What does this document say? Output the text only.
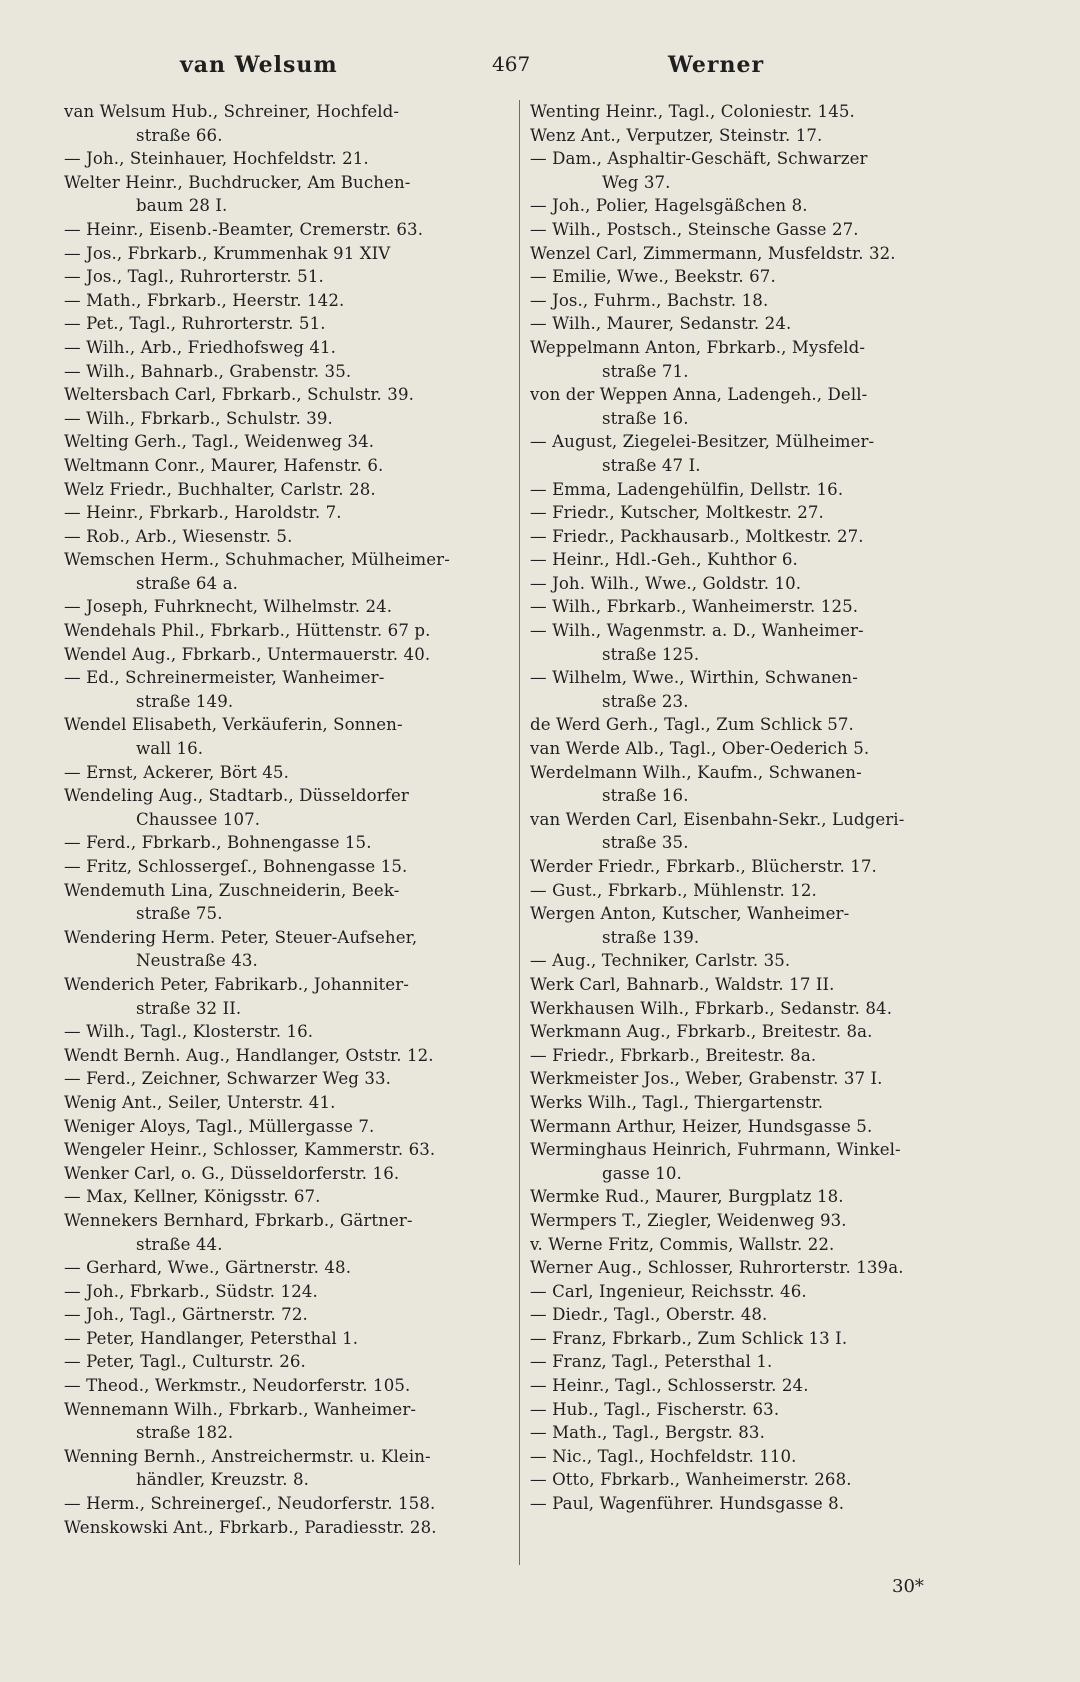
van Welsum	467	Werner
van Welsum Hub., Schreiner, Hochfeld-
straße 66.
— Joh., Steinhauer, Hochfeldstr. 21.
Welter Heinr., Buchdrucker, Am Buchen-
baum 28 I.
— Heinr., Eisenb.-Beamter, Cremerstr. 63.
— Jos., Fbrkarb., Krummenhak 91 XIV
— Jos., Tagl., Ruhrorterstr. 51.
— Math., Fbrkarb., Heerstr. 142.
— Pet., Tagl., Ruhrorterstr. 51.
— Wilh., Arb., Friedhofsweg 41.
— Wilh., Bahnarb., Grabenstr. 35.
Weltersbach Carl, Fbrkarb., Schulstr. 39.
— Wilh., Fbrkarb., Schulstr. 39.
Welting Gerh., Tagl., Weidenweg 34.
Weltmann Conr., Maurer, Hafenstr. 6.
Welz Friedr., Buchhalter, Carlstr. 28.
— Heinr., Fbrkarb., Haroldstr. 7.
— Rob., Arb., Wiesenstr. 5.
Wemschen Herm., Schuhmacher, Mülheimer-
straße 64 a.
— Joseph, Fuhrknecht, Wilhelmstr. 24.
Wendehals Phil., Fbrkarb., Hüttenstr. 67 p.
Wendel Aug., Fbrkarb., Untermauerstr. 40.
— Ed., Schreinermeister, Wanheimer-
straße 149.
Wendel Elisabeth, Verkäuferin, Sonnen-
wall 16.
— Ernst, Ackerer, Bört 45.
Wendeling Aug., Stadtarb., Düsseldorfer
Chaussee 107.
— Ferd., Fbrkarb., Bohnengasse 15.
— Fritz, Schlossergeſ., Bohnengasse 15.
Wendemuth Lina, Zuschneiderin, Beek-
straße 75.
Wendering Herm. Peter, Steuer-Aufseher,
Neustraße 43.
Wenderich Peter, Fabrikarb., Johanniter-
straße 32 II.
— Wilh., Tagl., Klosterstr. 16.
Wendt Bernh. Aug., Handlanger, Oststr. 12.
— Ferd., Zeichner, Schwarzer Weg 33.
Wenig Ant., Seiler, Unterstr. 41.
Weniger Aloys, Tagl., Müllergasse 7.
Wengeler Heinr., Schlosser, Kammerstr. 63.
Wenker Carl, o. G., Düsseldorferstr. 16.
— Max, Kellner, Königsstr. 67.
Wennekers Bernhard, Fbrkarb., Gärtner-
straße 44.
— Gerhard, Wwe., Gärtnerstr. 48.
— Joh., Fbrkarb., Südstr. 124.
— Joh., Tagl., Gärtnerstr. 72.
— Peter, Handlanger, Petersthal 1.
— Peter, Tagl., Culturstr. 26.
— Theod., Werkmstr., Neudorferstr. 105.
Wennemann Wilh., Fbrkarb., Wanheimer-
straße 182.
Wenning Bernh., Anstreichermstr. u. Klein-
händler, Kreuzstr. 8.
— Herm., Schreinergeſ., Neudorferstr. 158.
Wenskowski Ant., Fbrkarb., Paradiesstr. 28.
Wenting Heinr., Tagl., Coloniestr. 145.
Wenz Ant., Verputzer, Steinstr. 17.
— Dam., Asphaltir-Geschäft, Schwarzer
Weg 37.
— Joh., Polier, Hagelsgäßchen 8.
— Wilh., Postsch., Steinsche Gasse 27.
Wenzel Carl, Zimmermann, Musfeldstr. 32.
— Emilie, Wwe., Beekstr. 67.
— Jos., Fuhrm., Bachstr. 18.
— Wilh., Maurer, Sedanstr. 24.
Weppelmann Anton, Fbrkarb., Mysfeld-
straße 71.
von der Weppen Anna, Ladengeh., Dell-
straße 16.
— August, Ziegelei-Besitzer, Mülheimer-
straße 47 I.
— Emma, Ladengehülfin, Dellstr. 16.
— Friedr., Kutscher, Moltkestr. 27.
— Friedr., Packhausarb., Moltkestr. 27.
— Heinr., Hdl.-Geh., Kuhthor 6.
— Joh. Wilh., Wwe., Goldstr. 10.
— Wilh., Fbrkarb., Wanheimerstr. 125.
— Wilh., Wagenmstr. a. D., Wanheimer-
straße 125.
— Wilhelm, Wwe., Wirthin, Schwanen-
straße 23.
de Werd Gerh., Tagl., Zum Schlick 57.
van Werde Alb., Tagl., Ober-Oederich 5.
Werdelmann Wilh., Kaufm., Schwanen-
straße 16.
van Werden Carl, Eisenbahn-Sekr., Ludgeri-
straße 35.
Werder Friedr., Fbrkarb., Blücherstr. 17.
— Gust., Fbrkarb., Mühlenstr. 12.
Wergen Anton, Kutscher, Wanheimer-
straße 139.
— Aug., Techniker, Carlstr. 35.
Werk Carl, Bahnarb., Waldstr. 17 II.
Werkhausen Wilh., Fbrkarb., Sedanstr. 84.
Werkmann Aug., Fbrkarb., Breitestr. 8a.
— Friedr., Fbrkarb., Breitestr. 8a.
Werkmeister Jos., Weber, Grabenstr. 37 I.
Werks Wilh., Tagl., Thiergartenstr.
Wermann Arthur, Heizer, Hundsgasse 5.
Werminghaus Heinrich, Fuhrmann, Winkel-
gasse 10.
Wermke Rud., Maurer, Burgplatz 18.
Wermpers T., Ziegler, Weidenweg 93.
v. Werne Fritz, Commis, Wallstr. 22.
Werner Aug., Schlosser, Ruhrorterstr. 139a.
— Carl, Ingenieur, Reichsstr. 46.
— Diedr., Tagl., Oberstr. 48.
— Franz, Fbrkarb., Zum Schlick 13 I.
— Franz, Tagl., Petersthal 1.
— Heinr., Tagl., Schlosserstr. 24.
— Hub., Tagl., Fischerstr. 63.
— Math., Tagl., Bergstr. 83.
— Nic., Tagl., Hochfeldstr. 110.
— Otto, Fbrkarb., Wanheimerstr. 268.
— Paul, Wagenführer. Hundsgasse 8.
30*
